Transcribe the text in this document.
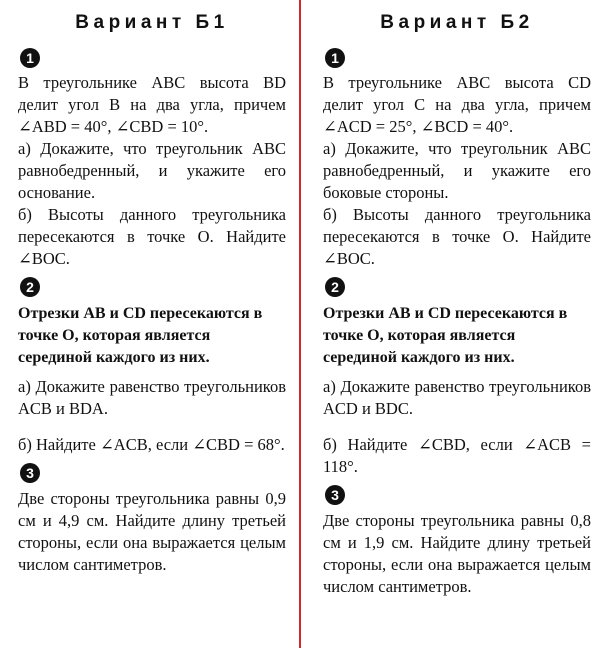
Вариант Б1
1

В треугольнике ABC высота BD делит угол B на два угла, причем ∠ABD = 40°, ∠CBD = 10°.

а) Докажите, что треугольник ABC равнобедренный, и укажите его основание.

б) Высоты данного треугольника пересекаются в точке O. Найдите ∠BOC.

2

Отрезки AB и CD пересекаются в точке O, которая является серединой каждого из них.

а) Докажите равенство треугольников ACB и BDA.

б) Найдите ∠ACB, если ∠CBD = 68°.

3

Две стороны треугольника равны 0,9 см и 4,9 см. Найдите длину третьей стороны, если она выражается целым числом сантиметров.

Вариант Б2
1

В треугольнике ABC высота CD делит угол C на два угла, причем ∠ACD = 25°, ∠BCD = 40°.

а) Докажите, что треугольник ABC равнобедренный, и укажите его боковые стороны.

б) Высоты данного треугольника пересекаются в точке O. Найдите ∠BOC.

2

Отрезки AB и CD пересекаются в точке O, которая является серединой каждого из них.

а) Докажите равенство треугольников ACD и BDC.

б) Найдите ∠CBD, если ∠ACB = 118°.

3

Две стороны треугольника равны 0,8 см и 1,9 см. Найдите длину третьей стороны, если она выражается целым числом сантиметров.
